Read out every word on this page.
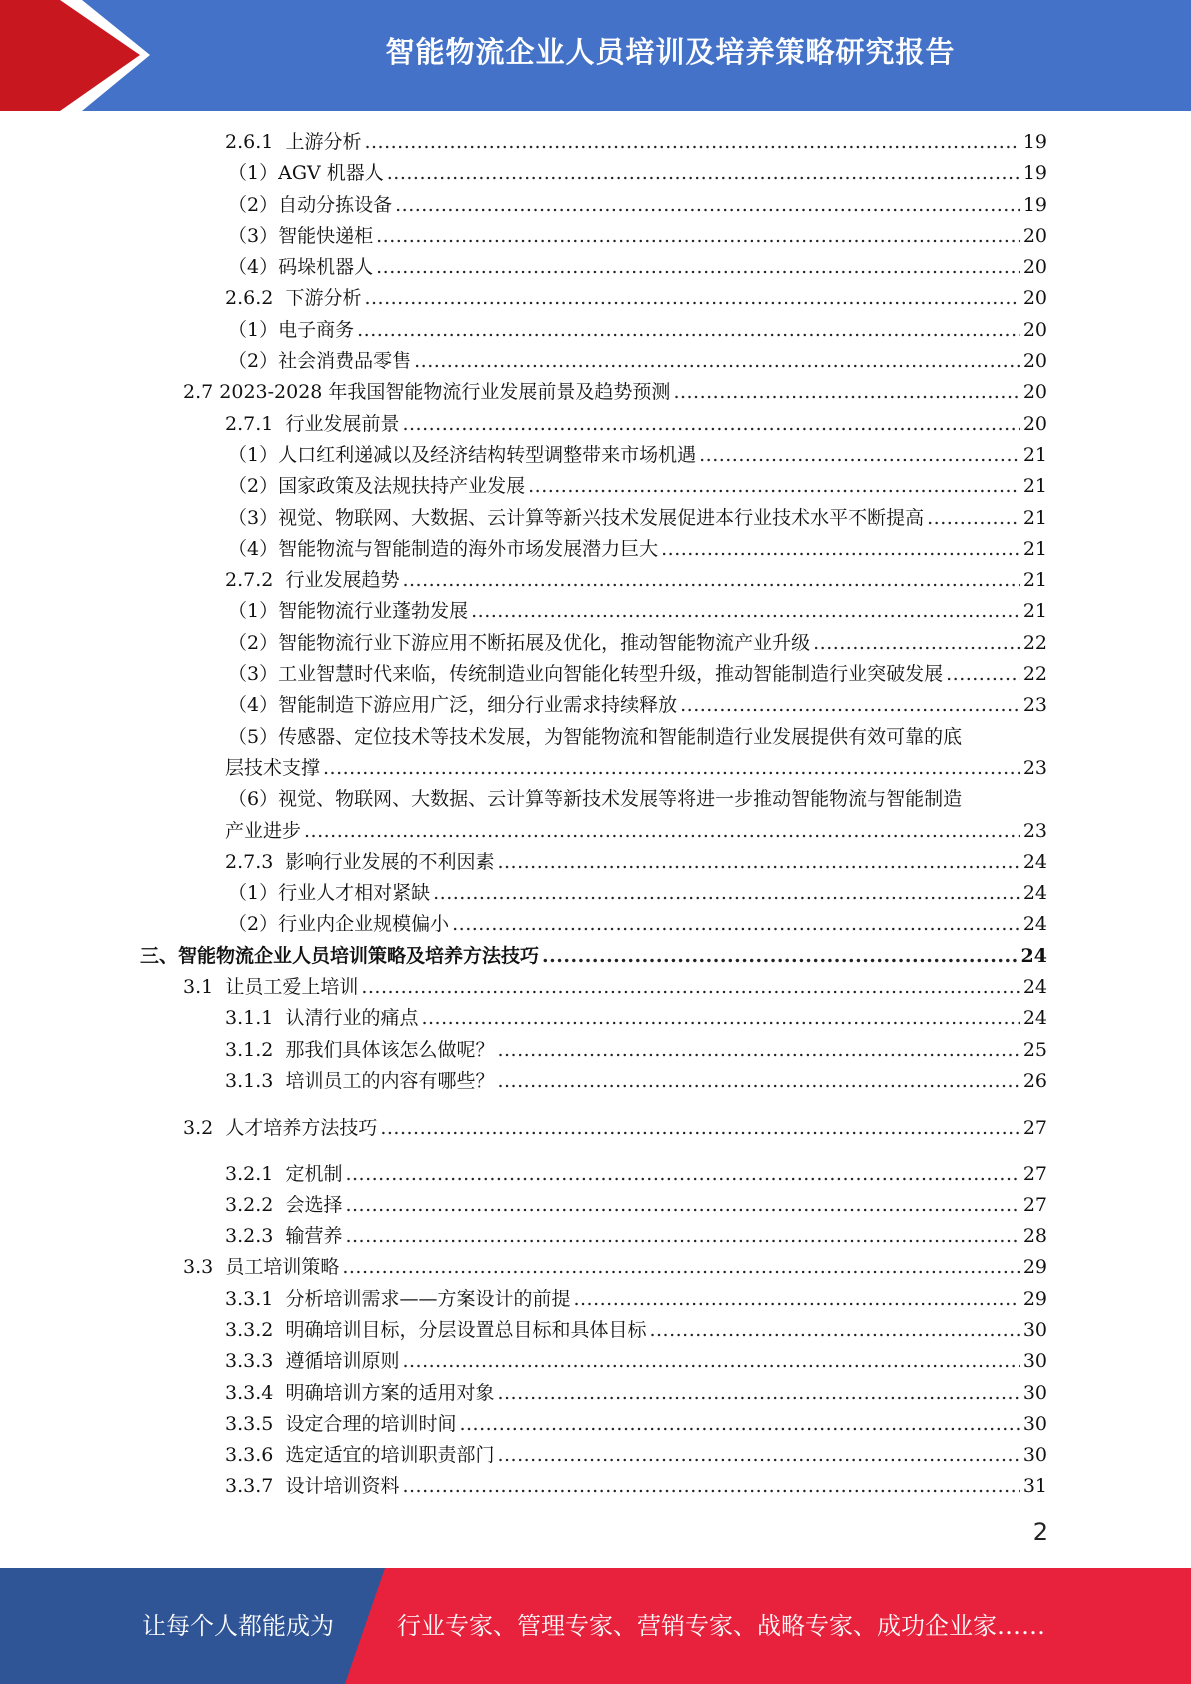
智能物流企业人员培训及培养策略研究报告
2.6.1 上游分析 .....	19
（1）AGV 机器人 .....	19
（2）自动分拣设备 .....	19
（3）智能快递柜 .....	20
（4）码垛机器人 .....	20
2.6.2 下游分析 .....	20
（1）电子商务 .....	20
（2）社会消费品零售 .....	20
2.7 2023-2028 年我国智能物流行业发展前景及趋势预测 .....	20
2.7.1 行业发展前景 .....	20
（1）人口红利递减以及经济结构转型调整带来市场机遇 .....	21
（2）国家政策及法规扶持产业发展 .....	21
（3）视觉、物联网、大数据、云计算等新兴技术发展促进本行业技术水平不断提高 .....	21
（4）智能物流与智能制造的海外市场发展潜力巨大 .....	21
2.7.2 行业发展趋势 .....	21
（1）智能物流行业蓬勃发展 .....	21
（2）智能物流行业下游应用不断拓展及优化，推动智能物流产业升级 .....	22
（3）工业智慧时代来临，传统制造业向智能化转型升级，推动智能制造行业突破发展 .....	22
（4）智能制造下游应用广泛，细分行业需求持续释放 .....	23
（5）传感器、定位技术等技术发展，为智能物流和智能制造行业发展提供有效可靠的底
层技术支撑 .....	23
（6）视觉、物联网、大数据、云计算等新技术发展等将进一步推动智能物流与智能制造
产业进步 .....	23
2.7.3 影响行业发展的不利因素 .....	24
（1）行业人才相对紧缺 .....	24
（2）行业内企业规模偏小 .....	24
三、智能物流企业人员培训策略及培养方法技巧 .....	24
3.1 让员工爱上培训 .....	24
3.1.1 认清行业的痛点 .....	24
3.1.2 那我们具体该怎么做呢？ .....	25
3.1.3 培训员工的内容有哪些？ .....	26
3.2 人才培养方法技巧 .....	27
3.2.1 定机制 .....	27
3.2.2 会选择 .....	27
3.2.3 输营养 .....	28
3.3 员工培训策略 .....	29
3.3.1 分析培训需求——方案设计的前提 .....	29
3.3.2 明确培训目标，分层设置总目标和具体目标 .....	30
3.3.3 遵循培训原则 .....	30
3.3.4 明确培训方案的适用对象 .....	30
3.3.5 设定合理的培训时间 .....	30
3.3.6 选定适宜的培训职责部门 .....	30
3.3.7 设计培训资料 .....	31
2
让每个人都能成为	行业专家、管理专家、营销专家、战略专家、成功企业家……
